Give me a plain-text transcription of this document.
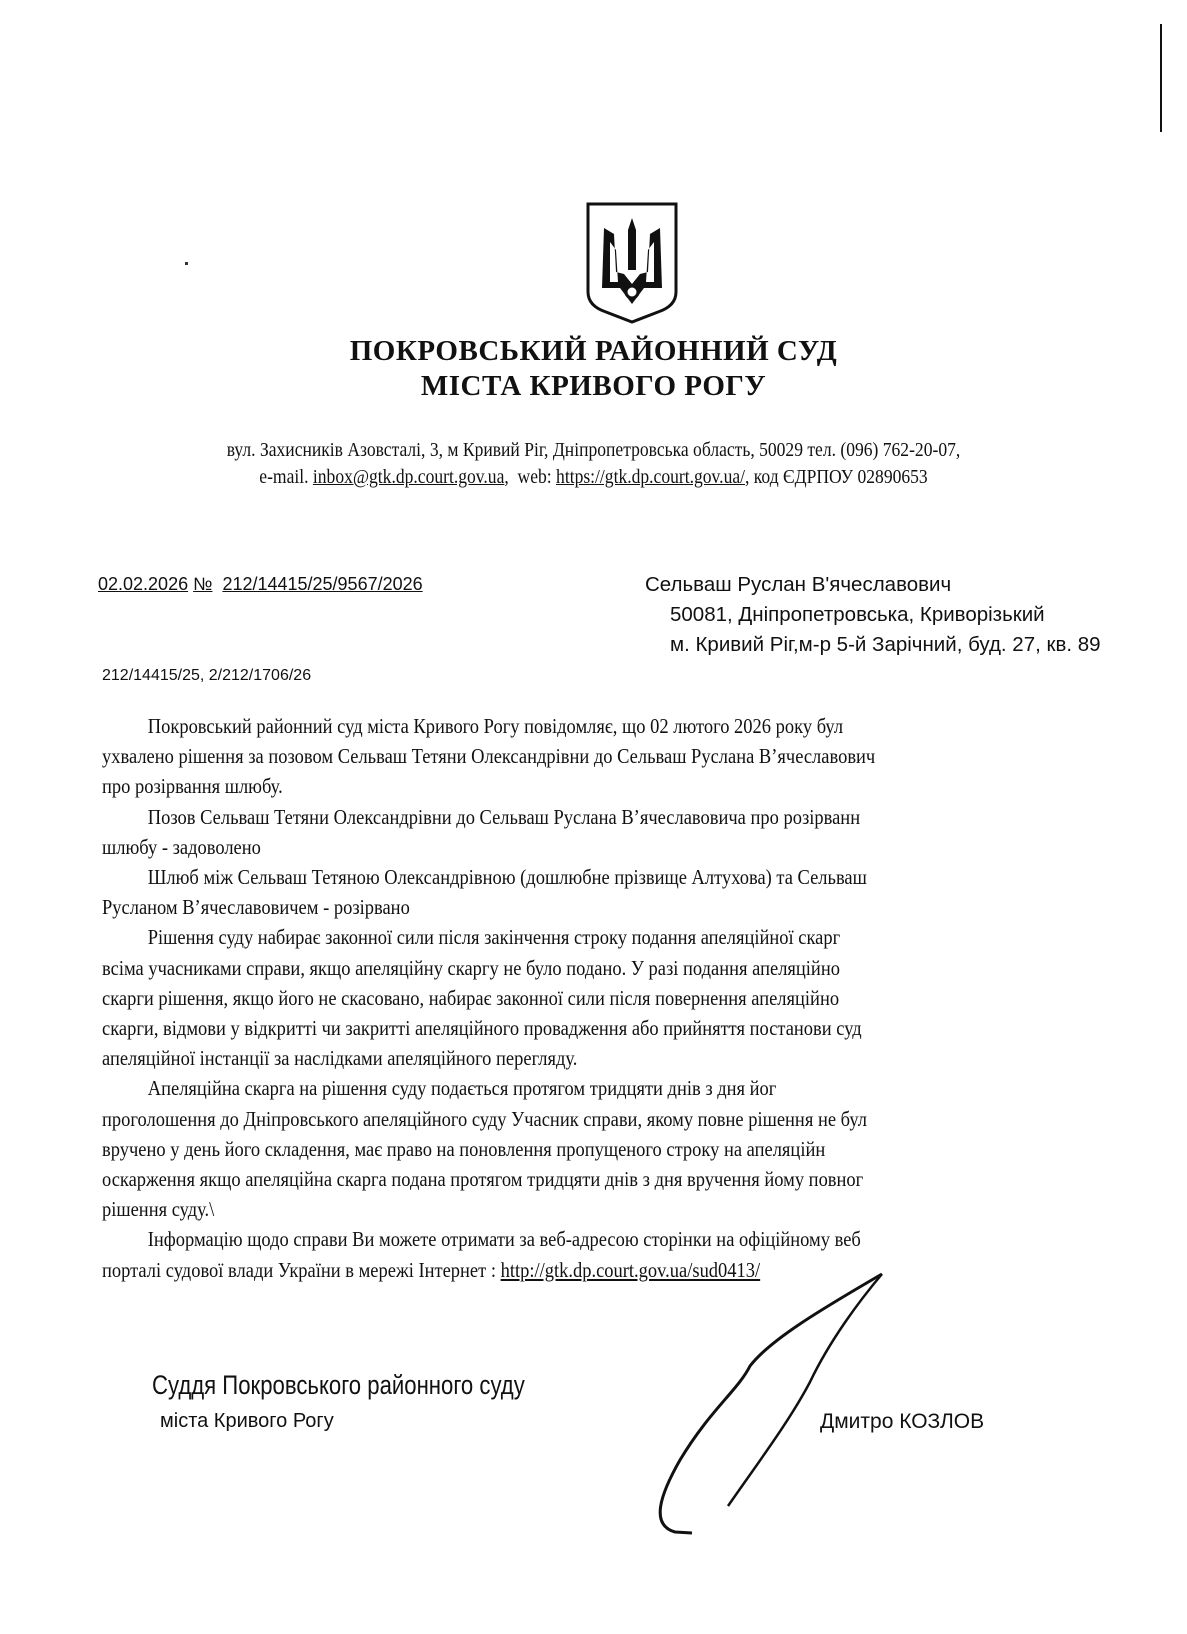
ПОКРОВСЬКИЙ РАЙОННИЙ СУД
МІСТА КРИВОГО РОГУ
вул. Захисників Азовсталі, 3, м Кривий Ріг, Дніпропетровська область, 50029 тел. (096) 762-20-07,
e-mail. inbox@gtk.dp.court.gov.ua,  web: https://gtk.dp.court.gov.ua/, код ЄДРПОУ 02890653
02.02.2026 № 212/14415/25/9567/2026	Сельваш Руслан В'ячеславович
50081, Дніпропетровська, Криворізький
м. Кривий Ріг,м-р 5-й Зарічний, буд. 27, кв. 89
212/14415/25, 2/212/1706/26

Покровський районний суд міста Кривого Рогу повідомляє, що 02 лютого 2026 року бул

ухвалено рішення за позовом Сельваш Тетяни Олександрівни до Сельваш Руслана В’ячеславович

про розірвання шлюбу.

Позов Сельваш Тетяни Олександрівни до Сельваш Руслана В’ячеславовича про розірванн

шлюбу - задоволено

Шлюб між Сельваш Тетяною Олександрівною (дошлюбне прізвище Алтухова) та Сельваш

Русланом В’ячеславовичем - розірвано

Рішення суду набирає законної сили після закінчення строку подання апеляційної скарг

всіма учасниками справи, якщо апеляційну скаргу не було подано. У разі подання апеляційно

скарги рішення, якщо його не скасовано, набирає законної сили після повернення апеляційно

скарги, відмови у відкритті чи закритті апеляційного провадження або прийняття постанови суд

апеляційної інстанції за наслідками апеляційного перегляду.

Апеляційна скарга на рішення суду подається протягом тридцяти днів з дня йог

проголошення до Дніпровського апеляційного суду Учасник справи, якому повне рішення не бул

вручено у день його складення, має право на поновлення пропущеного строку на апеляційн

оскарження якщо апеляційна скарга подана протягом тридцяти днів з дня вручення йому повног

рішення суду.\

Інформацію щодо справи Ви можете отримати за веб-адресою сторінки на офіційному веб

порталі судової влади України в мережі Інтернет : http://gtk.dp.court.gov.ua/sud0413/

Суддя Покровського районного суду
міста Кривого Рогу	Дмитро КОЗЛОВ
